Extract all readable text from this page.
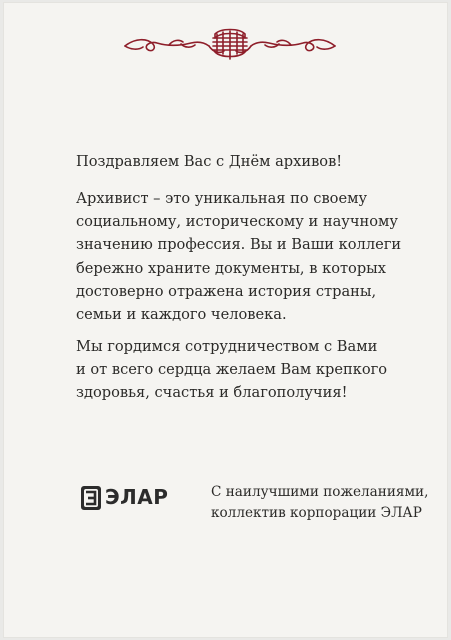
Поздравляем Вас с Днём архивов!

Архивист – это уникальная по своему
социальному, историческому и научному
значению профессия. Вы и Ваши коллеги
бережно храните документы, в которых
достоверно отражена история страны,
семьи и каждого человека.

Мы гордимся сотрудничеством с Вами
и от всего сердца желаем Вам крепкого
здоровья, счастья и благополучия!

ЭЛАР	С наилучшими пожеланиями,
коллектив корпорации ЭЛАР
